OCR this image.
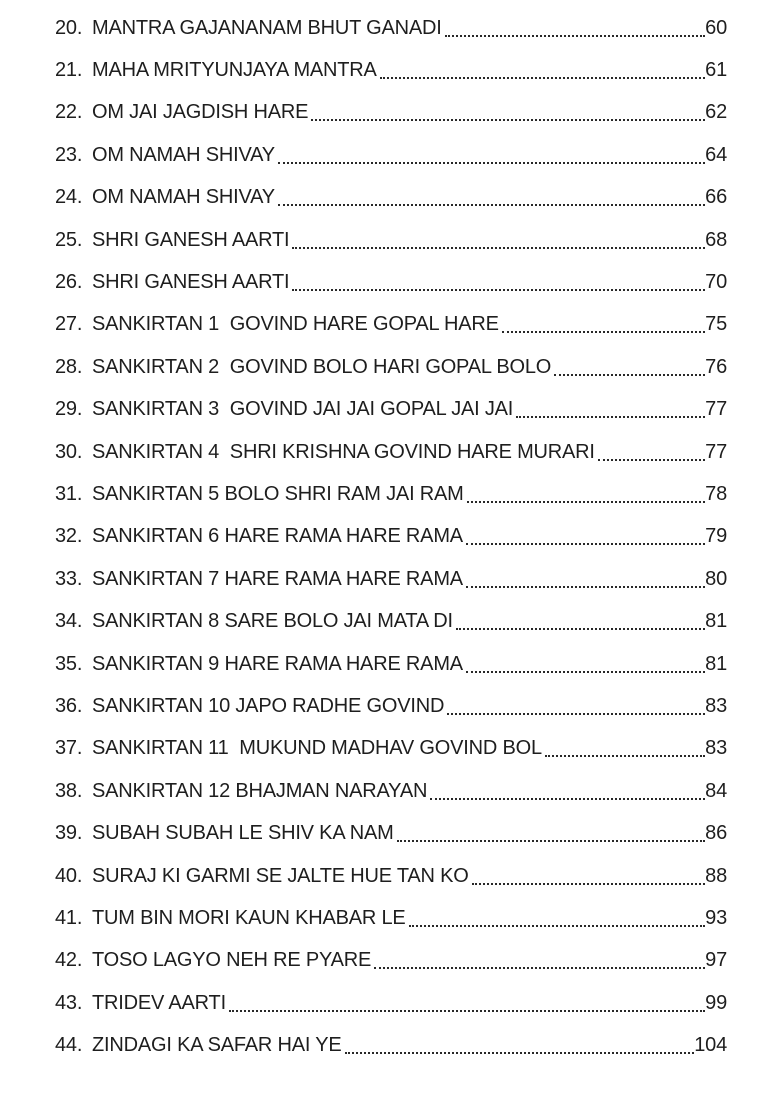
20. MANTRA GAJANANAM BHUT GANADI	60
21. MAHA MRITYUNJAYA MANTRA	61
22. OM JAI JAGDISH HARE	62
23. OM NAMAH SHIVAY	64
24. OM NAMAH SHIVAY	66
25. SHRI GANESH AARTI	68
26. SHRI GANESH AARTI	70
27. SANKIRTAN 1  GOVIND HARE GOPAL HARE	75
28. SANKIRTAN 2  GOVIND BOLO HARI GOPAL BOLO	76
29. SANKIRTAN 3  GOVIND JAI JAI GOPAL JAI JAI	77
30. SANKIRTAN 4  SHRI KRISHNA GOVIND HARE MURARI	77
31. SANKIRTAN 5 BOLO SHRI RAM JAI RAM	78
32. SANKIRTAN 6 HARE RAMA HARE RAMA	79
33. SANKIRTAN 7 HARE RAMA HARE RAMA	80
34. SANKIRTAN 8 SARE BOLO JAI MATA DI	81
35. SANKIRTAN 9 HARE RAMA HARE RAMA	81
36. SANKIRTAN 10 JAPO RADHE GOVIND	83
37. SANKIRTAN 11  MUKUND MADHAV GOVIND BOL	83
38. SANKIRTAN 12 BHAJMAN NARAYAN	84
39. SUBAH SUBAH LE SHIV KA NAM	86
40. SURAJ KI GARMI SE JALTE HUE TAN KO	88
41. TUM BIN MORI KAUN KHABAR LE	93
42. TOSO LAGYO NEH RE PYARE	97
43. TRIDEV AARTI	99
44. ZINDAGI KA SAFAR HAI YE	104
